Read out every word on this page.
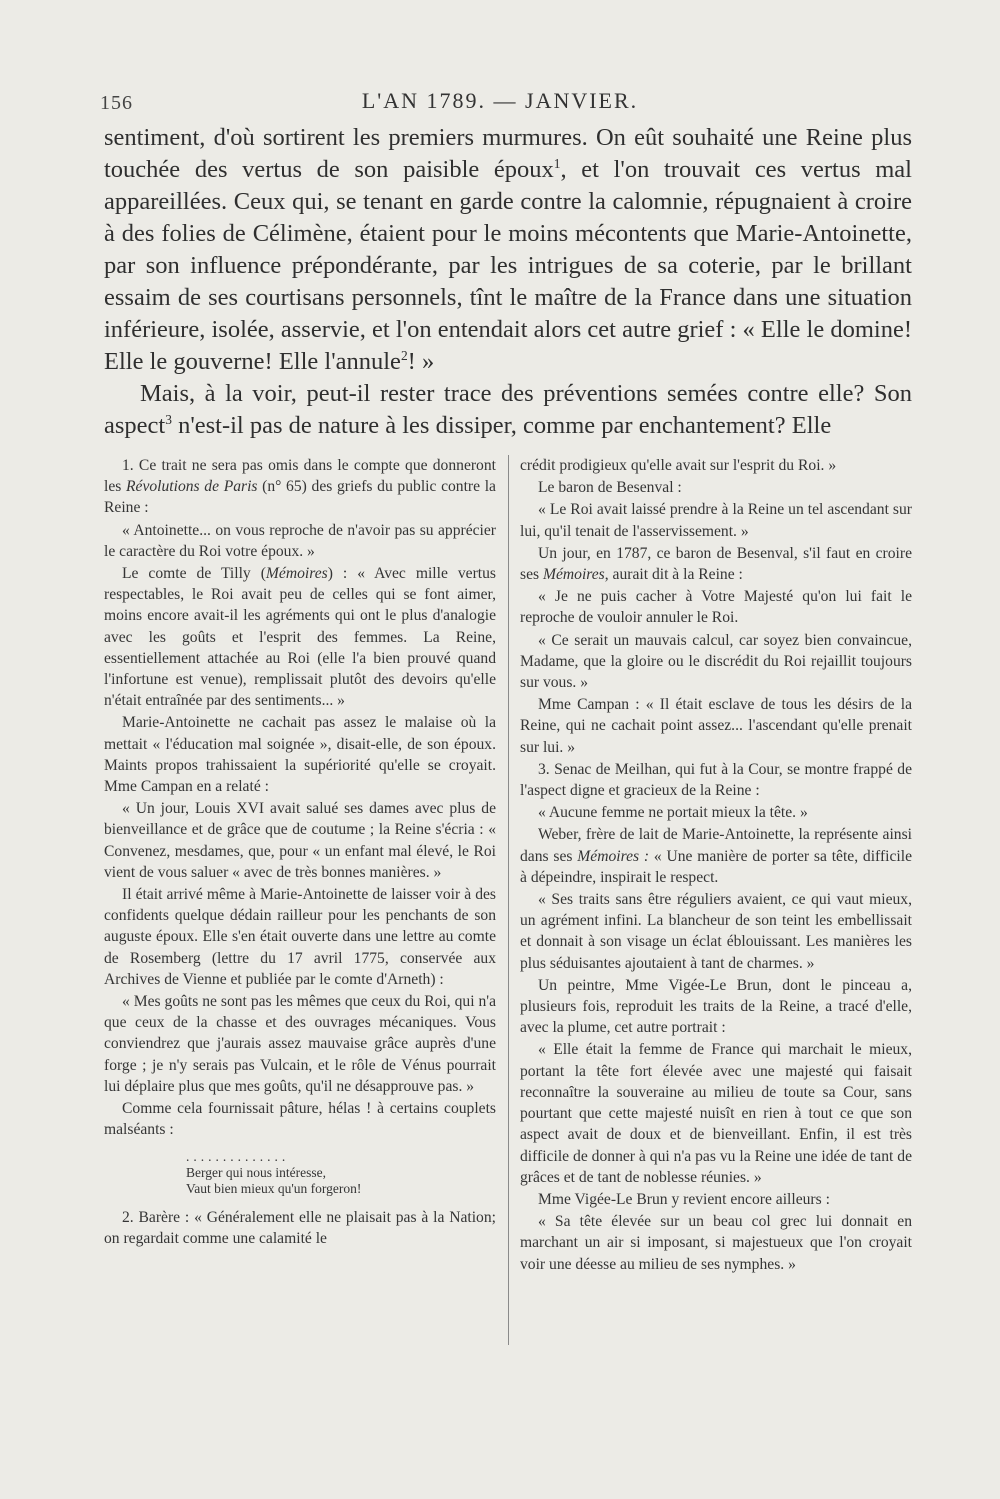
156	L'AN 1789. — JANVIER.

sentiment, d'où sortirent les premiers murmures. On eût souhaité une Reine plus touchée des vertus de son paisible époux$^1$, et l'on trouvait ces vertus mal appareillées. Ceux qui, se tenant en garde contre la calomnie, répugnaient à croire à des folies de Célimène, étaient pour le moins mécontents que Marie-Antoinette, par son influence prépondérante, par les intrigues de sa coterie, par le brillant essaim de ses courtisans personnels, tînt le maître de la France dans une situation inférieure, isolée, asservie, et l'on entendait alors cet autre grief : « Elle le domine! Elle le gouverne! Elle l'annule$^2$! »

Mais, à la voir, peut-il rester trace des préventions semées contre elle? Son aspect$^3$ n'est-il pas de nature à les dissiper, comme par enchantement? Elle

1. Ce trait ne sera pas omis dans le compte que donneront les Révolutions de Paris (n° 65) des griefs du public contre la Reine :

« Antoinette... on vous reproche de n'avoir pas su apprécier le caractère du Roi votre époux. »

Le comte de Tilly (Mémoires) : « Avec mille vertus respectables, le Roi avait peu de celles qui se font aimer, moins encore avait-il les agréments qui ont le plus d'analogie avec les goûts et l'esprit des femmes. La Reine, essentiellement attachée au Roi (elle l'a bien prouvé quand l'infortune est venue), remplissait plutôt des devoirs qu'elle n'était entraînée par des sentiments... »

Marie-Antoinette ne cachait pas assez le malaise où la mettait « l'éducation mal soignée », disait-elle, de son époux. Maints propos trahissaient la supériorité qu'elle se croyait. Mme Campan en a relaté :

« Un jour, Louis XVI avait salué ses dames avec plus de bienveillance et de grâce que de coutume ; la Reine s'écria : « Convenez, mesdames, que, pour « un enfant mal élevé, le Roi vient de vous saluer « avec de très bonnes manières. »

Il était arrivé même à Marie-Antoinette de laisser voir à des confidents quelque dédain railleur pour les penchants de son auguste époux. Elle s'en était ouverte dans une lettre au comte de Rosemberg (lettre du 17 avril 1775, conservée aux Archives de Vienne et publiée par le comte d'Arneth) :

« Mes goûts ne sont pas les mêmes que ceux du Roi, qui n'a que ceux de la chasse et des ouvrages mécaniques. Vous conviendrez que j'aurais assez mauvaise grâce auprès d'une forge ; je n'y serais pas Vulcain, et le rôle de Vénus pourrait lui déplaire plus que mes goûts, qu'il ne désapprouve pas. »

Comme cela fournissait pâture, hélas ! à certains couplets malséants :

..............
Berger qui nous intéresse,
Vaut bien mieux qu'un forgeron!

2. Barère : « Généralement elle ne plaisait pas à la Nation; on regardait comme une calamité le

crédit prodigieux qu'elle avait sur l'esprit du Roi. »

Le baron de Besenval :

« Le Roi avait laissé prendre à la Reine un tel ascendant sur lui, qu'il tenait de l'asservissement. »

Un jour, en 1787, ce baron de Besenval, s'il faut en croire ses Mémoires, aurait dit à la Reine :

« Je ne puis cacher à Votre Majesté qu'on lui fait le reproche de vouloir annuler le Roi.

« Ce serait un mauvais calcul, car soyez bien convaincue, Madame, que la gloire ou le discrédit du Roi rejaillit toujours sur vous. »

Mme Campan : « Il était esclave de tous les désirs de la Reine, qui ne cachait point assez... l'ascendant qu'elle prenait sur lui. »

3. Senac de Meilhan, qui fut à la Cour, se montre frappé de l'aspect digne et gracieux de la Reine :

« Aucune femme ne portait mieux la tête. »

Weber, frère de lait de Marie-Antoinette, la représente ainsi dans ses Mémoires : « Une manière de porter sa tête, difficile à dépeindre, inspirait le respect.

« Ses traits sans être réguliers avaient, ce qui vaut mieux, un agrément infini. La blancheur de son teint les embellissait et donnait à son visage un éclat éblouissant. Les manières les plus séduisantes ajoutaient à tant de charmes. »

Un peintre, Mme Vigée-Le Brun, dont le pinceau a, plusieurs fois, reproduit les traits de la Reine, a tracé d'elle, avec la plume, cet autre portrait :

« Elle était la femme de France qui marchait le mieux, portant la tête fort élevée avec une majesté qui faisait reconnaître la souveraine au milieu de toute sa Cour, sans pourtant que cette majesté nuisît en rien à tout ce que son aspect avait de doux et de bienveillant. Enfin, il est très difficile de donner à qui n'a pas vu la Reine une idée de tant de grâces et de tant de noblesse réunies. »

Mme Vigée-Le Brun y revient encore ailleurs :

« Sa tête élevée sur un beau col grec lui donnait en marchant un air si imposant, si majestueux que l'on croyait voir une déesse au milieu de ses nymphes. »
